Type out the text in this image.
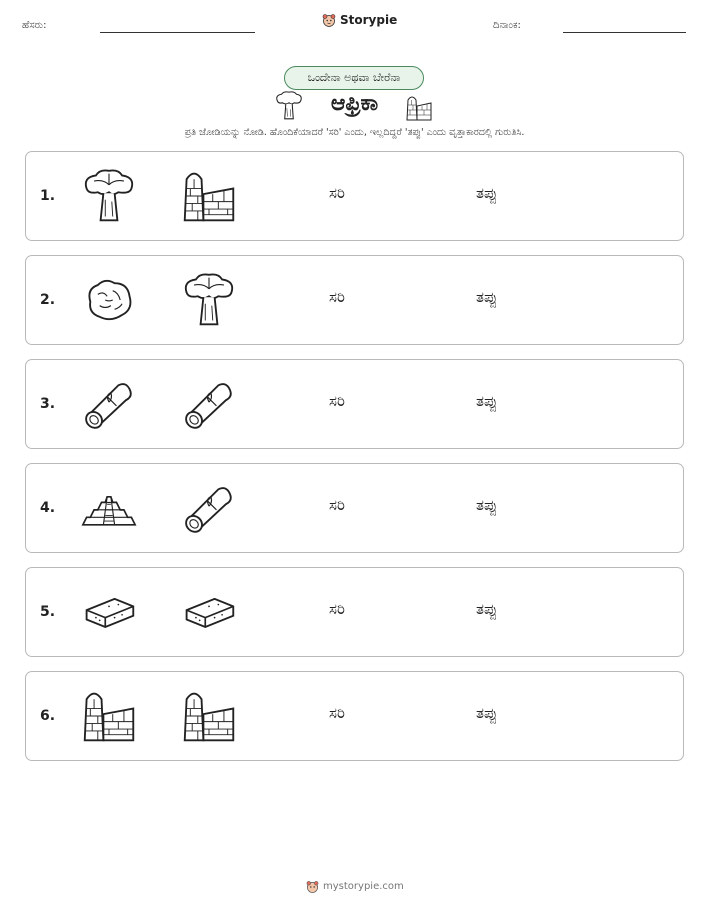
ಹೆಸರು:	Storypie	ದಿನಾಂಕ:
ಒಂದೇನಾ ಅಥವಾ ಬೇರೆನಾ
ಆಫ್ರಿಕಾ
ಪ್ರತಿ ಜೋಡಿಯನ್ನು ನೋಡಿ. ಹೊಂದಿಕೆಯಾದರೆ 'ಸರಿ' ಎಂದು, ಇಲ್ಲದಿದ್ದರೆ 'ತಪ್ಪು' ಎಂದು ವೃತ್ತಾಕಾರದಲ್ಲಿ ಗುರುತಿಸಿ.
1.	ಸರಿ	ತಪ್ಪು
2.	ಸರಿ	ತಪ್ಪು
3.	ಸರಿ	ತಪ್ಪು
4.	ಸರಿ	ತಪ್ಪು
5.	ಸರಿ	ತಪ್ಪು
6.	ಸರಿ	ತಪ್ಪು
mystorypie.com
